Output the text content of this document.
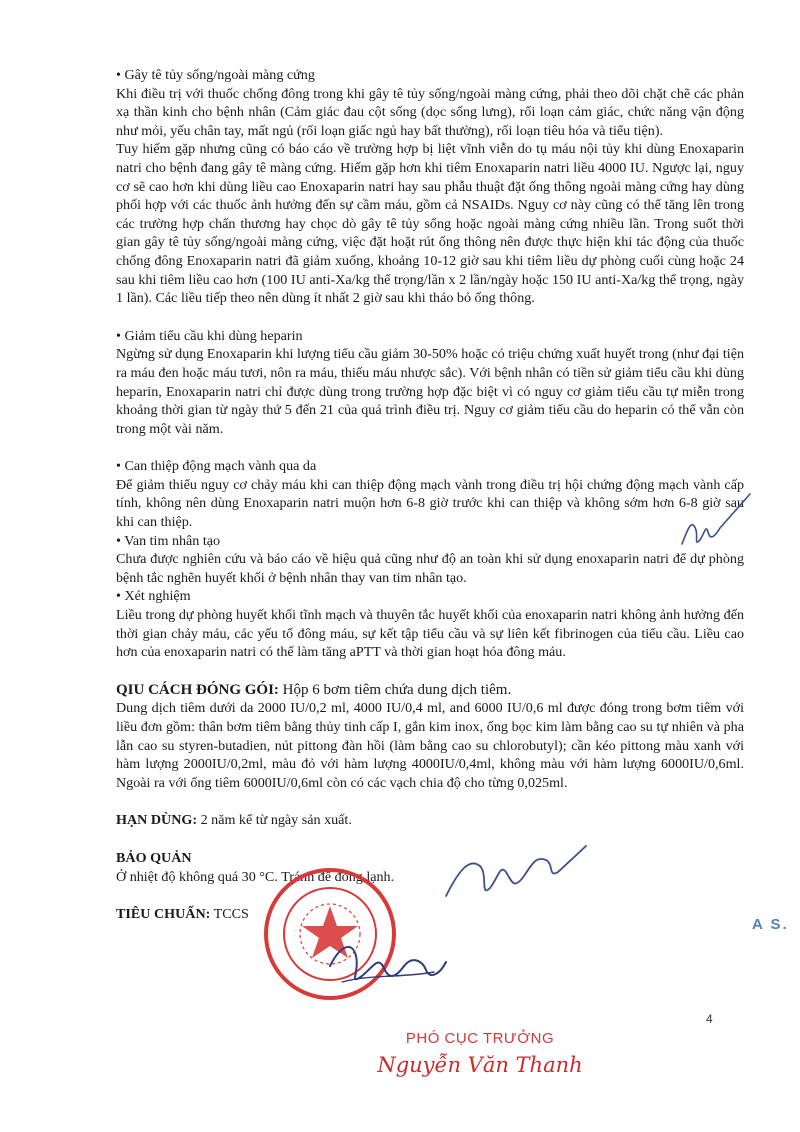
• Gây tê tủy sống/ngoài màng cứng

Khi điều trị với thuốc chống đông trong khi gây tê tủy sống/ngoài màng cứng, phải theo dõi chặt chẽ các phản xạ thần kinh cho bệnh nhân (Cảm giác đau cột sống (dọc sống lưng), rối loạn cảm giác, chức năng vận động như mỏi, yếu chân tay, mất ngủ (rối loạn giấc ngủ hay bất thường), rối loạn tiêu hóa và tiểu tiện).

Tuy hiếm gặp nhưng cũng có báo cáo về trường hợp bị liệt vĩnh viễn do tụ máu nội tủy khi dùng Enoxaparin natri cho bệnh đang gây tê màng cứng. Hiếm gặp hơn khi tiêm Enoxaparin natri liều 4000 IU. Ngược lại, nguy cơ sẽ cao hơn khi dùng liều cao Enoxaparin natri hay sau phẫu thuật đặt ống thông ngoài màng cứng hay dùng phối hợp với các thuốc ảnh hưởng đến sự cầm máu, gồm cả NSAIDs. Nguy cơ này cũng có thể tăng lên trong các trường hợp chấn thương hay chọc dò gây tê tủy sống hoặc ngoài màng cứng nhiều lần. Trong suốt thời gian gây tê tủy sống/ngoài màng cứng, việc đặt hoặt rút ống thông nên được thực hiện khi tác động của thuốc chống đông Enoxaparin natri đã giảm xuống, khoảng 10-12 giờ sau khi tiêm liều dự phòng cuối cùng hoặc 24 sau khi tiêm liều cao hơn (100 IU anti-Xa/kg thể trọng/lần x 2 lần/ngày hoặc 150 IU anti-Xa/kg thể trọng, ngày 1 lần). Các liều tiếp theo nên dùng ít nhất 2 giờ sau khi tháo bỏ ống thông.

• Giảm tiểu cầu khi dùng heparin

Ngừng sử dụng Enoxaparin khi lượng tiểu cầu giảm 30-50% hoặc có triệu chứng xuất huyết trong (như đại tiện ra máu đen hoặc máu tươi, nôn ra máu, thiếu máu nhược sắc). Với bệnh nhân có tiền sử giảm tiểu cầu khi dùng heparin, Enoxaparin natri chỉ được dùng trong trường hợp đặc biệt vì có nguy cơ giảm tiểu cầu tự miễn trong khoảng thời gian từ ngày thứ 5 đến 21 của quá trình điều trị. Nguy cơ giảm tiểu cầu do heparin có thể vẫn còn trong một vài năm.

• Can thiệp động mạch vành qua da

Để giảm thiểu nguy cơ chảy máu khi can thiệp động mạch vành trong điều trị hội chứng động mạch vành cấp tính, không nên dùng Enoxaparin natri muộn hơn 6-8 giờ trước khi can thiệp và không sớm hơn 6-8 giờ sau khi can thiệp.

• Van tim nhân tạo

Chưa được nghiên cứu và báo cáo về hiệu quả cũng như độ an toàn khi sử dụng enoxaparin natri để dự phòng bệnh tắc nghẽn huyết khối ở bệnh nhân thay van tim nhân tạo.

• Xét nghiệm

Liều trong dự phòng huyết khối tĩnh mạch và thuyên tắc huyết khối của enoxaparin natri không ảnh hưởng đến thời gian chảy máu, các yếu tố đông máu, sự kết tập tiểu cầu và sự liên kết fibrinogen của tiểu cầu. Liều cao hơn của enoxaparin natri có thể làm tăng aPTT và thời gian hoạt hóa đông máu.

QIU CÁCH ĐÓNG GÓI: Hộp 6 bơm tiêm chứa dung dịch tiêm.

Dung dịch tiêm dưới da 2000 IU/0,2 ml, 4000 IU/0,4 ml, and 6000 IU/0,6 ml được đóng trong bơm tiêm với liều đơn gồm: thân bơm tiêm bằng thủy tinh cấp I, gắn kim inox, ống bọc kim làm bằng cao su tự nhiên và pha lẫn cao su styren-butadien, nút pittong đàn hồi (làm bằng cao su chlorobutyl); cần kéo pittong màu xanh với hàm lượng 2000IU/0,2ml, màu đỏ với hàm lượng 4000IU/0,4ml, không màu với hàm lượng 6000IU/0,6ml. Ngoài ra với ống tiêm 6000IU/0,6ml còn có các vạch chia độ cho từng 0,025ml.

HẠN DÙNG: 2 năm kể từ ngày sản xuất.

BẢO QUẢN

Ở nhiệt độ không quá 30 °C. Tránh để đông lạnh.

TIÊU CHUẨN: TCCS

A S.
4
PHÓ CỤC TRƯỞNG
Nguyễn Văn Thanh
